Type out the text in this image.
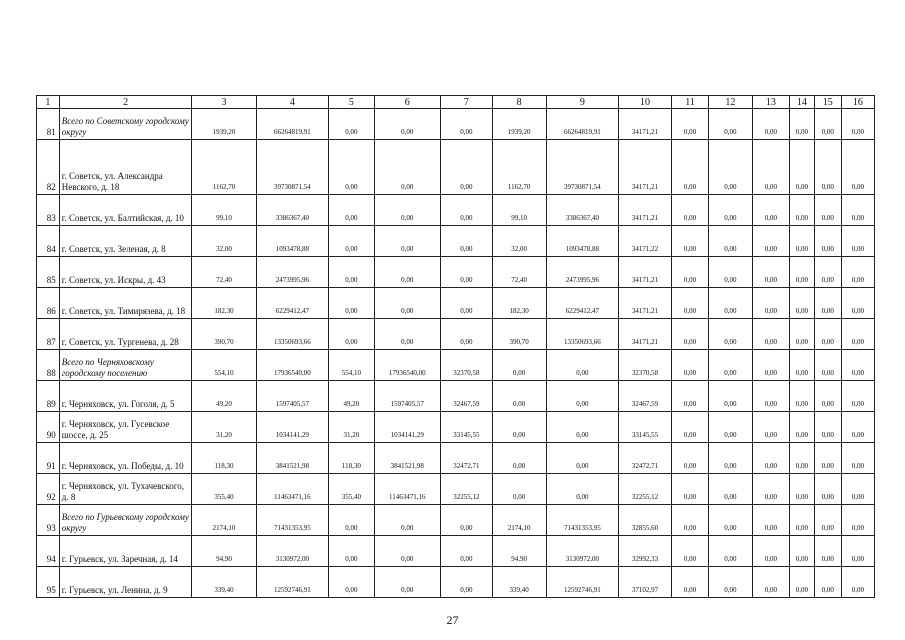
1	2	3	4	5	6	7	8	9	10	11	12	13	14	15	16
81	Всего по Советскому городскому округу	1939,20	66264819,91	0,00	0,00	0,00	1939,20	66264819,91	34171,21	0,00	0,00	0,00	0,00	0,00	0,00
82	г. Советск, ул. Александра Невского, д. 18	1162,70	39730871,54	0,00	0,00	0,00	1162,70	39730871,54	34171,21	0,00	0,00	0,00	0,00	0,00	0,00
83	г. Советск, ул. Балтийская, д. 10	99,10	3386367,40	0,00	0,00	0,00	99,10	3386367,40	34171,21	0,00	0,00	0,00	0,00	0,00	0,00
84	г. Советск, ул. Зеленая, д. 8	32,00	1093478,88	0,00	0,00	0,00	32,00	1093478,88	34171,22	0,00	0,00	0,00	0,00	0,00	0,00
85	г. Советск, ул. Искры, д. 43	72,40	2473995,96	0,00	0,00	0,00	72,40	2473995,96	34171,21	0,00	0,00	0,00	0,00	0,00	0,00
86	г. Советск, ул. Тимирязева, д. 18	182,30	6229412,47	0,00	0,00	0,00	182,30	6229412,47	34171,21	0,00	0,00	0,00	0,00	0,00	0,00
87	г. Советск, ул. Тургенева, д. 28	390,70	13350693,66	0,00	0,00	0,00	390,70	13350693,66	34171,21	0,00	0,00	0,00	0,00	0,00	0,00
88	Всего по Черняховскому городскому поселению	554,10	17936540,00	554,10	17936540,00	32370,58	0,00	0,00	32370,58	0,00	0,00	0,00	0,00	0,00	0,00
89	г. Черняховск, ул. Гоголя, д. 5	49,20	1597405,57	49,20	1597405,57	32467,59	0,00	0,00	32467,59	0,00	0,00	0,00	0,00	0,00	0,00
90	г. Черняховск, ул. Гусевское шоссе, д. 25	31,20	1034141,29	31,20	1034141,29	33145,55	0,00	0,00	33145,55	0,00	0,00	0,00	0,00	0,00	0,00
91	г. Черняховск, ул. Победы, д. 10	118,30	3841521,98	118,30	3841521,98	32472,71	0,00	0,00	32472,71	0,00	0,00	0,00	0,00	0,00	0,00
92	г. Черняховск, ул. Тухачевского, д. 8	355,40	11463471,16	355,40	11463471,16	32255,12	0,00	0,00	32255,12	0,00	0,00	0,00	0,00	0,00	0,00
93	Всего по Гурьевскому городскому округу	2174,10	71431353,95	0,00	0,00	0,00	2174,10	71431353,95	32855,60	0,00	0,00	0,00	0,00	0,00	0,00
94	г. Гурьевск, ул. Заречная, д. 14	94,90	3130972,00	0,00	0,00	0,00	94,90	3130972,00	32992,33	0,00	0,00	0,00	0,00	0,00	0,00
95	г. Гурьевск, ул. Ленина, д. 9	339,40	12592746,91	0,00	0,00	0,00	339,40	12592746,91	37102,97	0,00	0,00	0,00	0,00	0,00	0,00
27
